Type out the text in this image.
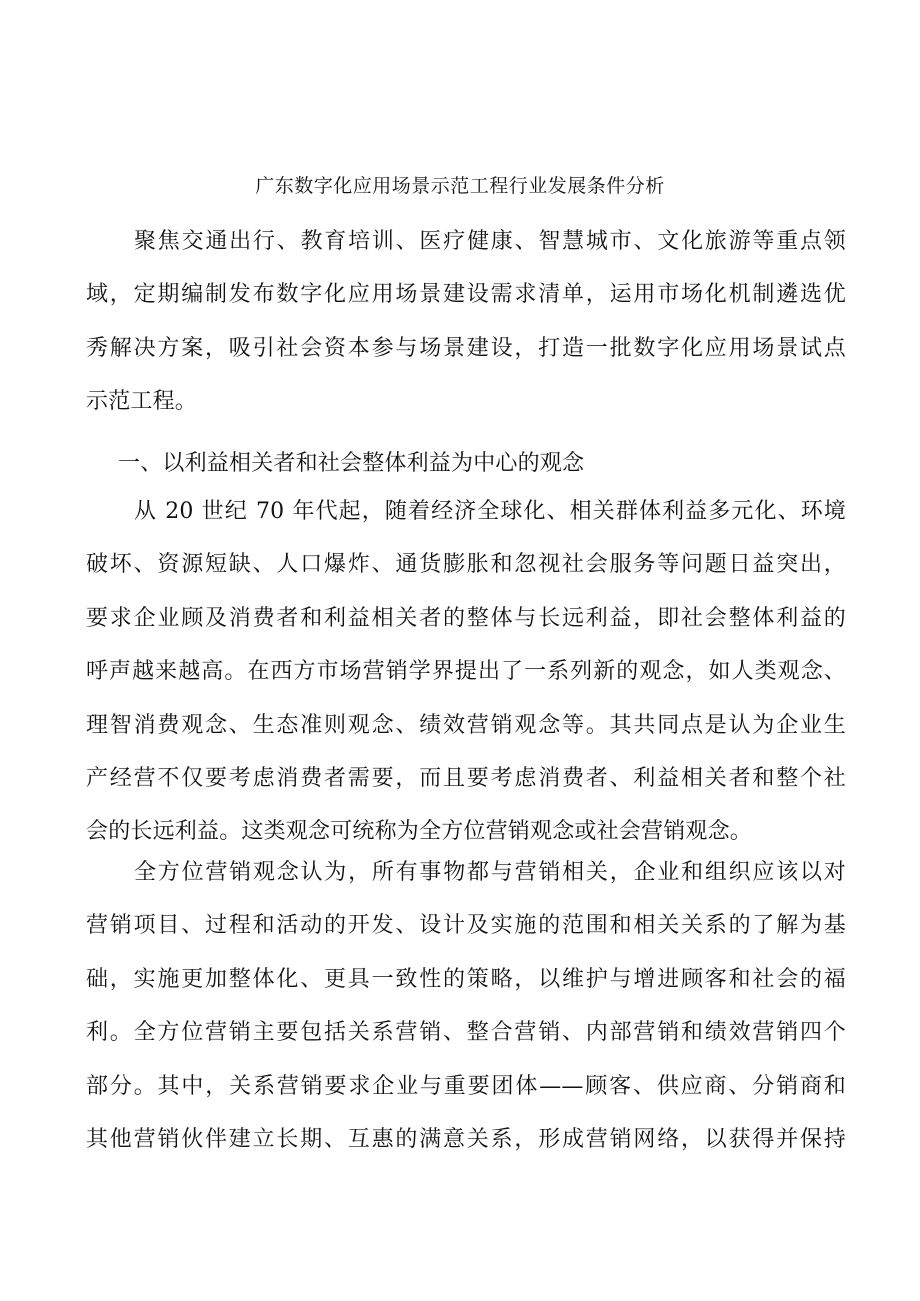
广东数字化应用场景示范工程行业发展条件分析

聚焦交通出行、教育培训、医疗健康、智慧城市、文化旅游等重点领
域，定期编制发布数字化应用场景建设需求清单，运用市场化机制遴选优
秀解决方案，吸引社会资本参与场景建设，打造一批数字化应用场景试点
示范工程。

一、以利益相关者和社会整体利益为中心的观念

从 20 世纪 70 年代起，随着经济全球化、相关群体利益多元化、环境
破坏、资源短缺、人口爆炸、通货膨胀和忽视社会服务等问题日益突出，
要求企业顾及消费者和利益相关者的整体与长远利益，即社会整体利益的
呼声越来越高。在西方市场营销学界提出了一系列新的观念，如人类观念、
理智消费观念、生态准则观念、绩效营销观念等。其共同点是认为企业生
产经营不仅要考虑消费者需要，而且要考虑消费者、利益相关者和整个社
会的长远利益。这类观念可统称为全方位营销观念或社会营销观念。

全方位营销观念认为，所有事物都与营销相关，企业和组织应该以对
营销项目、过程和活动的开发、设计及实施的范围和相关关系的了解为基
础，实施更加整体化、更具一致性的策略，以维护与增进顾客和社会的福
利。全方位营销主要包括关系营销、整合营销、内部营销和绩效营销四个
部分。其中，关系营销要求企业与重要团体——顾客、供应商、分销商和
其他营销伙伴建立长期、互惠的满意关系，形成营销网络，以获得并保持
